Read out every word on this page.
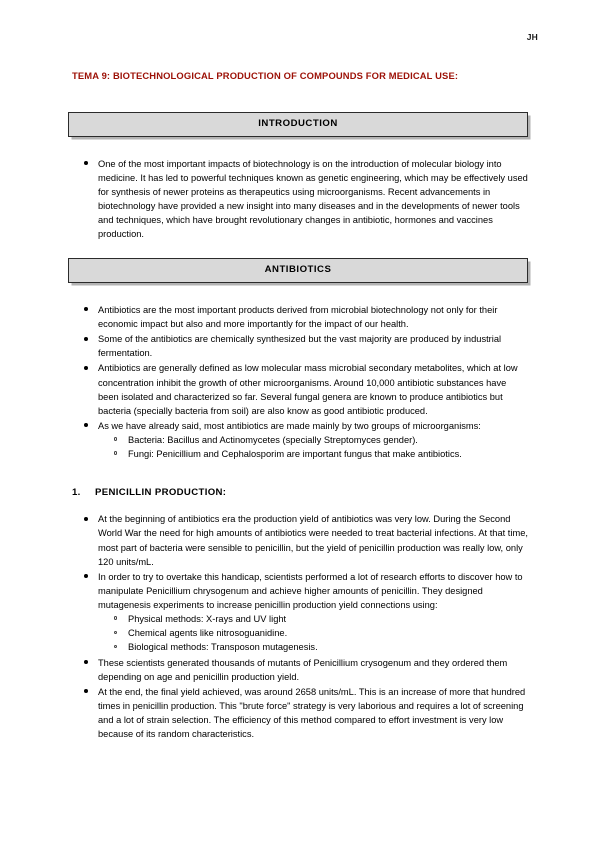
JH
TEMA 9: BIOTECHNOLOGICAL PRODUCTION OF COMPOUNDS FOR MEDICAL USE:
INTRODUCTION
One of the most important impacts of biotechnology is on the introduction of molecular biology into medicine. It has led to powerful techniques known as genetic engineering, which may be effectively used for synthesis of newer proteins as therapeutics using microorganisms. Recent advancements in biotechnology have provided a new insight into many diseases and in the developments of newer tools and techniques, which have brought revolutionary changes in antibiotic, hormones and vaccines production.
ANTIBIOTICS
Antibiotics are the most important products derived from microbial biotechnology not only for their economic impact but also and more importantly for the impact of our health.
Some of the antibiotics are chemically synthesized but the vast majority are produced by industrial fermentation.
Antibiotics are generally defined as low molecular mass microbial secondary metabolites, which at low concentration inhibit the growth of other microorganisms. Around 10,000 antibiotic substances have been isolated and characterized so far. Several fungal genera are known to produce antibiotics but bacteria (specially bacteria from soil) are also know as good antibiotic produced.
As we have already said, most antibiotics are made mainly by two groups of microorganisms:
Bacteria: Bacillus and Actinomycetes (specially Streptomyces gender).
Fungi: Penicillium and Cephalosporim are important fungus that make antibiotics.
1.	PENICILLIN PRODUCTION:
At the beginning of antibiotics era the production yield of antibiotics was very low. During the Second World War the need for high amounts of antibiotics were needed to treat bacterial infections. At that time, most part of bacteria were sensible to penicillin, but the yield of penicillin production was really low, only 120 units/mL.
In order to try to overtake this handicap, scientists performed a lot of research efforts to discover how to manipulate Penicillium chrysogenum and achieve higher amounts of penicillin. They designed mutagenesis experiments to increase penicillin production yield connections using:
Physical methods: X-rays and UV light
Chemical agents like nitrosoguanidine.
Biological methods: Transposon mutagenesis.
These scientists generated thousands of mutants of Penicillium crysogenum and they ordered them depending on age and penicillin production yield.
At the end, the final yield achieved, was around 2658 units/mL. This is an increase of more that hundred times in penicillin production. This "brute force" strategy is very laborious and requires a lot of screening and a lot of strain selection. The efficiency of this method compared to effort investment is very low because of its random characteristics.
